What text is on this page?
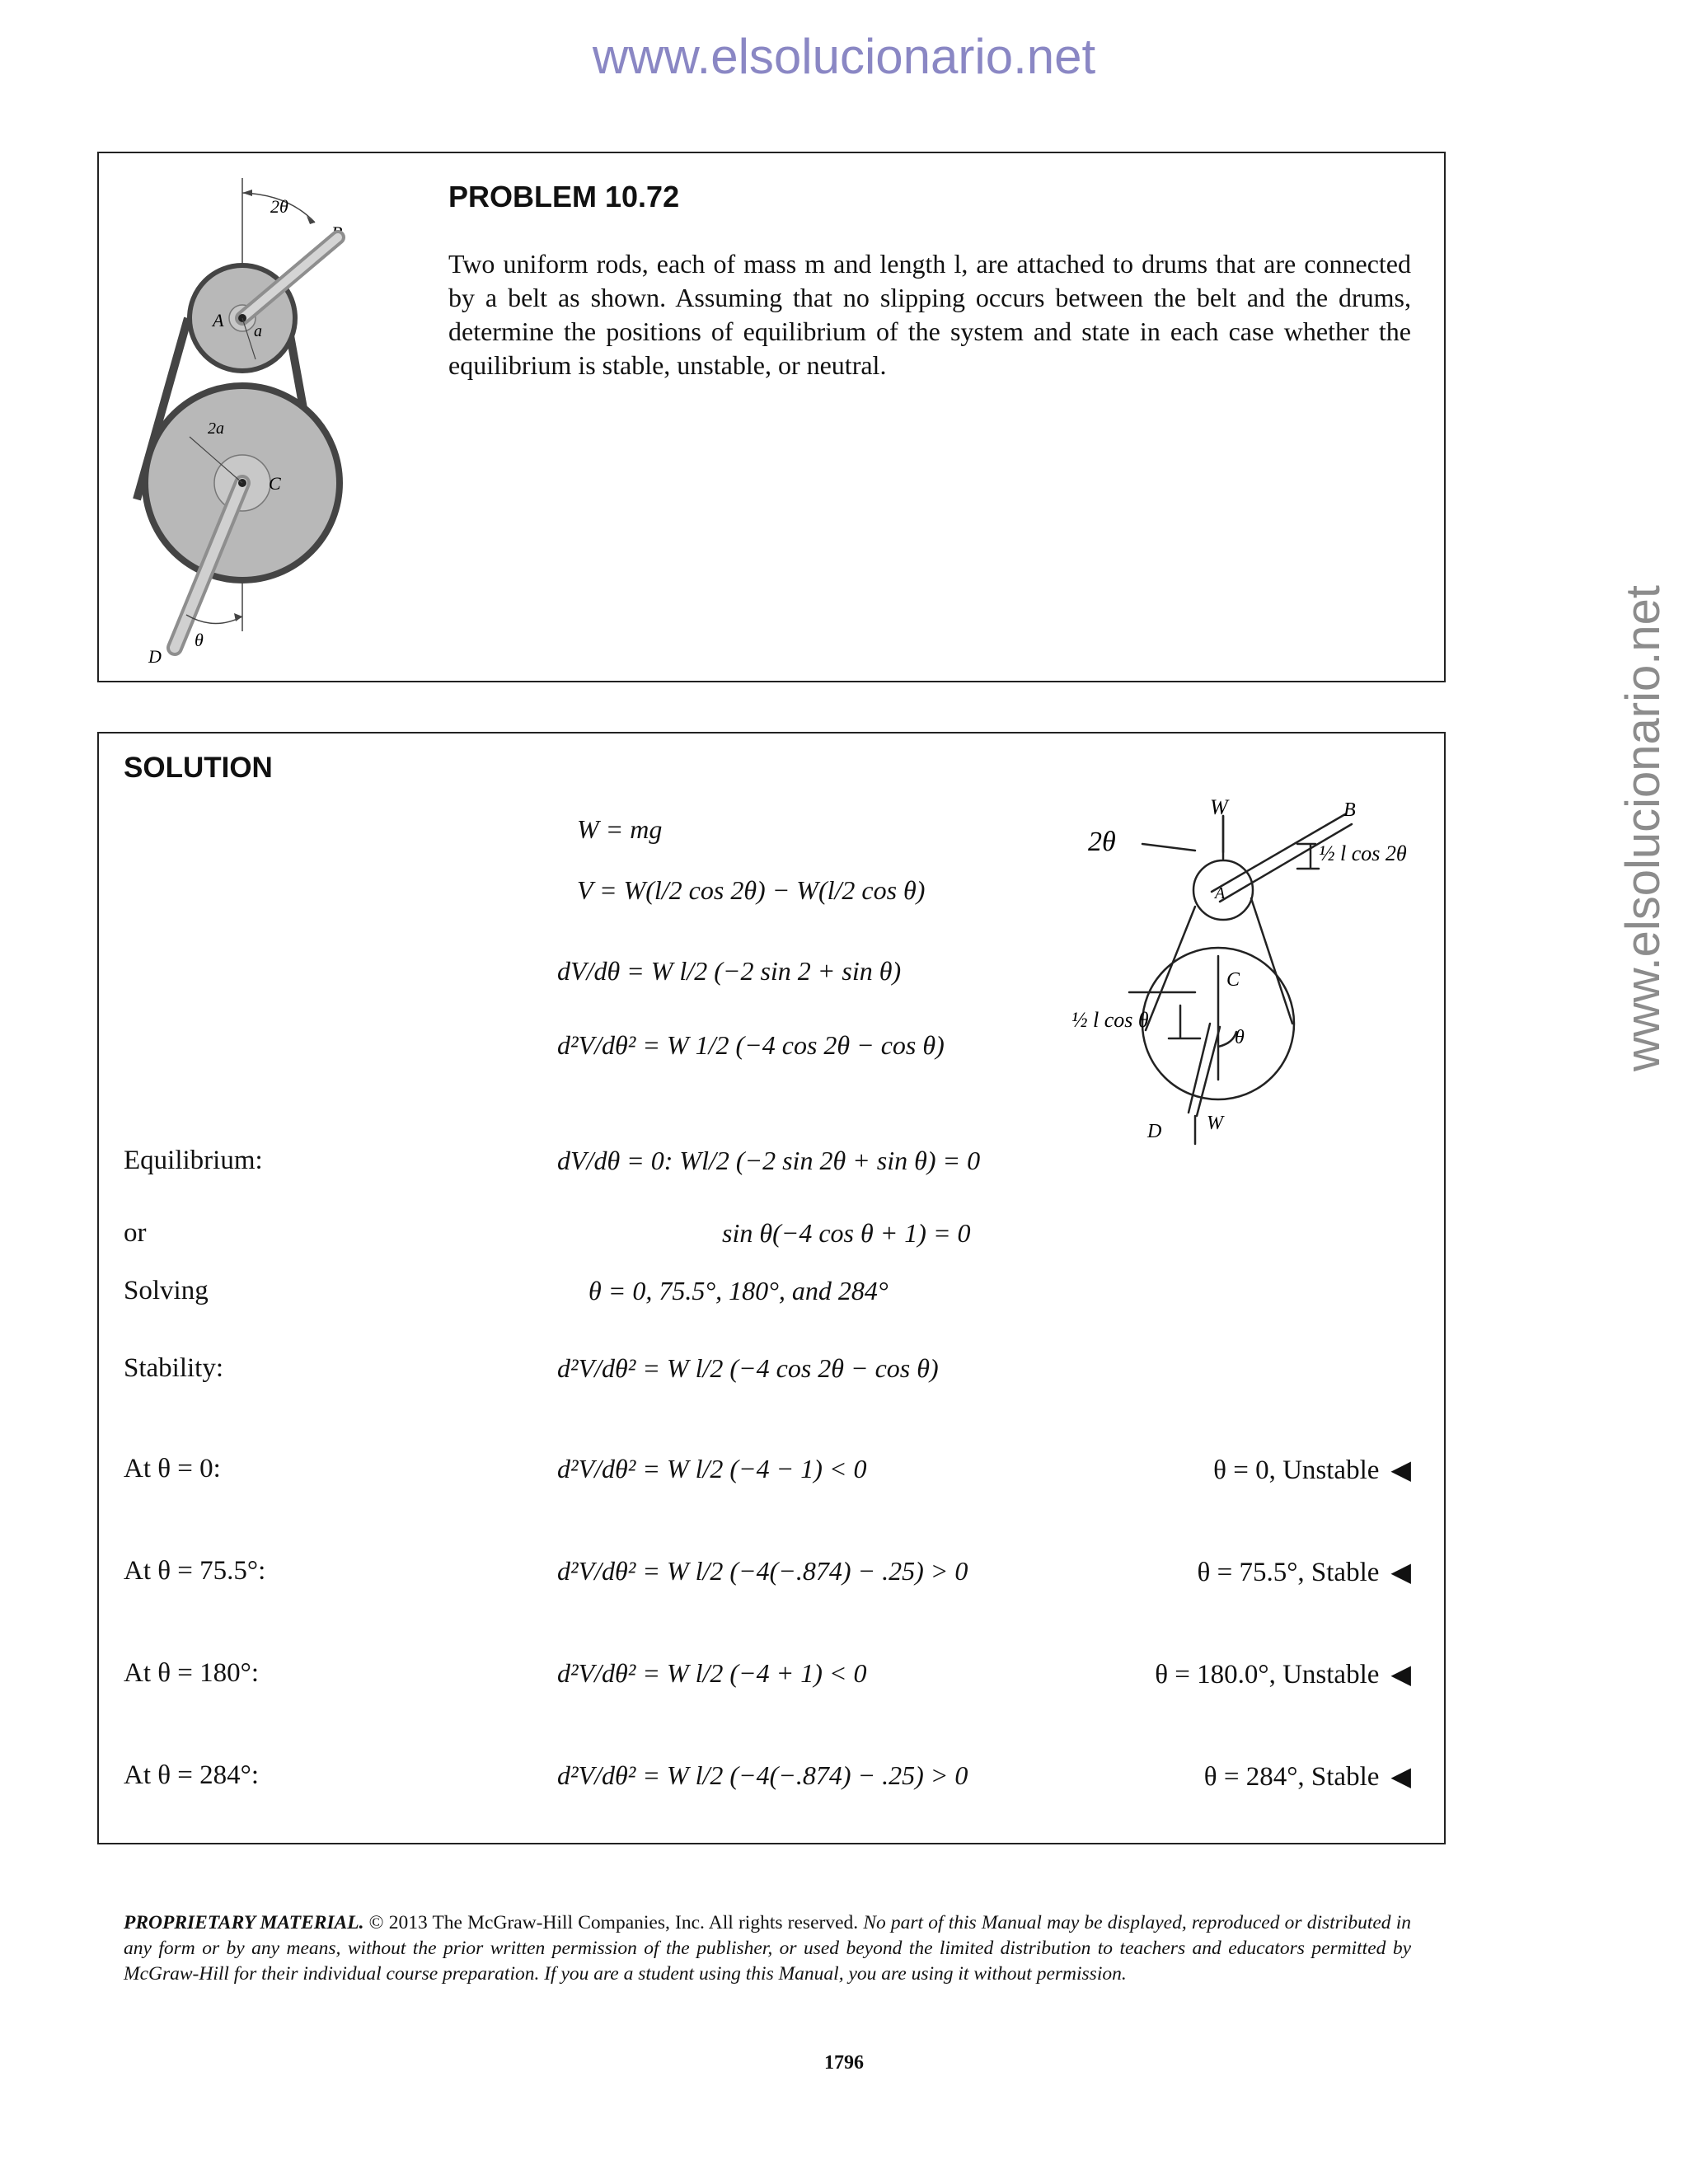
www.elsolucionario.net
www.elsolucionario.net
2θ
A
a
2a
C
D
θ
PROBLEM 10.72
Two uniform rods, each of mass m and length l, are attached to drums that are connected by a belt as shown. Assuming that no slipping occurs between the belt and the drums, determine the positions of equilibrium of the system and state in each case whether the equilibrium is stable, unstable, or neutral.
SOLUTION
W = mg
V = W(l/2 cos 2θ) − W(l/2 cos θ)
dV/dθ = W l/2 (−2 sin 2 + sin θ)
d²V/dθ² = W 1/2 (−4 cos 2θ − cos θ)
Equilibrium:	dV/dθ = 0: Wl/2 (−2 sin 2θ + sin θ) = 0
or	sin θ(−4 cos θ + 1) = 0
Solving	θ = 0, 75.5°, 180°, and 284°
Stability:	d²V/dθ² = W l/2 (−4 cos 2θ − cos θ)
At θ = 0:	d²V/dθ² = W l/2 (−4 − 1) < 0	θ = 0, Unstable ◀
At θ = 75.5°:	d²V/dθ² = W l/2 (−4(−.874) − .25) > 0	θ = 75.5°, Stable ◀
At θ = 180°:	d²V/dθ² = W l/2 (−4 + 1) < 0	θ = 180.0°, Unstable ◀
At θ = 284°:	d²V/dθ² = W l/2 (−4(−.874) − .25) > 0	θ = 284°, Stable ◀
2θ
W	B
½ l cos 2θ
A
C
½ l cos θ
θ
D W
PROPRIETARY MATERIAL. © 2013 The McGraw-Hill Companies, Inc. All rights reserved. No part of this Manual may be displayed, reproduced or distributed in any form or by any means, without the prior written permission of the publisher, or used beyond the limited distribution to teachers and educators permitted by McGraw-Hill for their individual course preparation. If you are a student using this Manual, you are using it without permission.
1796
